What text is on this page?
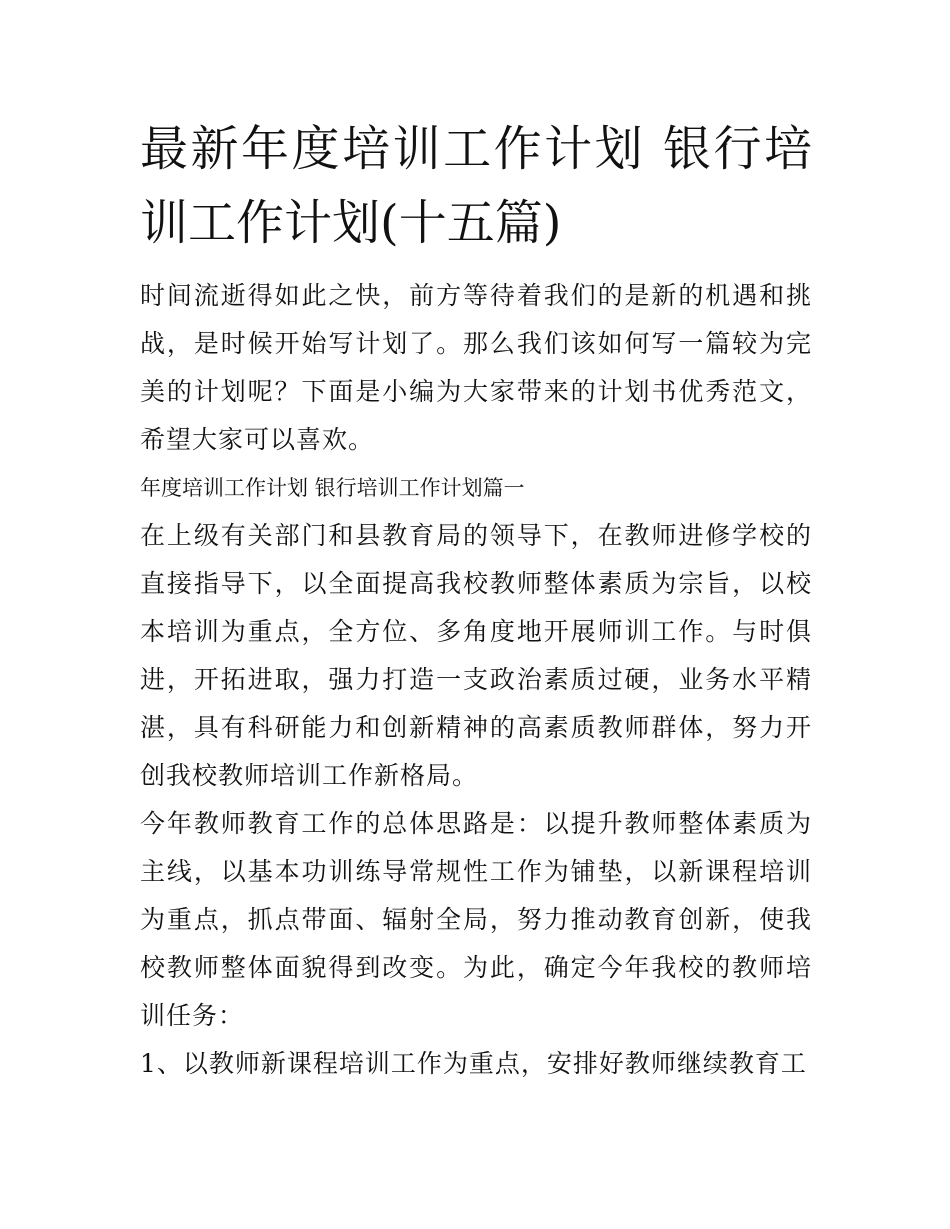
最新年度培训工作计划 银行培训工作计划(十五篇)

时间流逝得如此之快，前方等待着我们的是新的机遇和挑战，是时候开始写计划了。那么我们该如何写一篇较为完美的计划呢？下面是小编为大家带来的计划书优秀范文，希望大家可以喜欢。

年度培训工作计划 银行培训工作计划篇一

在上级有关部门和县教育局的领导下，在教师进修学校的直接指导下，以全面提高我校教师整体素质为宗旨，以校本培训为重点，全方位、多角度地开展师训工作。与时俱进，开拓进取，强力打造一支政治素质过硬，业务水平精湛，具有科研能力和创新精神的高素质教师群体，努力开创我校教师培训工作新格局。

今年教师教育工作的总体思路是：以提升教师整体素质为主线，以基本功训练导常规性工作为铺垫，以新课程培训为重点，抓点带面、辐射全局，努力推动教育创新，使我校教师整体面貌得到改变。为此，确定今年我校的教师培训任务：

1、以教师新课程培训工作为重点，安排好教师继续教育工
